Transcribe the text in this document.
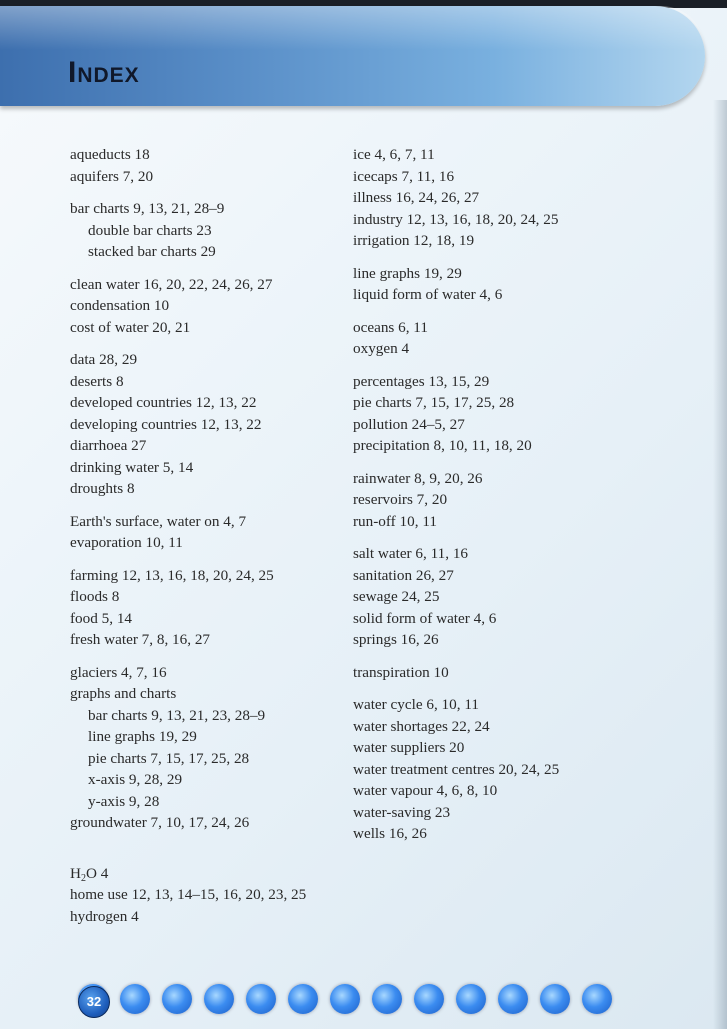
Index
aqueducts 18
aquifers 7, 20
bar charts 9, 13, 21, 28–9
double bar charts 23
stacked bar charts 29
clean water 16, 20, 22, 24, 26, 27
condensation 10
cost of water 20, 21
data 28, 29
deserts 8
developed countries 12, 13, 22
developing countries 12, 13, 22
diarrhoea 27
drinking water 5, 14
droughts 8
Earth's surface, water on 4, 7
evaporation 10, 11
farming 12, 13, 16, 18, 20, 24, 25
floods 8
food 5, 14
fresh water 7, 8, 16, 27
glaciers 4, 7, 16
graphs and charts
bar charts 9, 13, 21, 23, 28–9
line graphs 19, 29
pie charts 7, 15, 17, 25, 28
x-axis 9, 28, 29
y-axis 9, 28
groundwater 7, 10, 17, 24, 26
$H_2O$ 4
home use 12, 13, 14–15, 16, 20, 23, 25
hydrogen 4
ice 4, 6, 7, 11
icecaps 7, 11, 16
illness 16, 24, 26, 27
industry 12, 13, 16, 18, 20, 24, 25
irrigation 12, 18, 19
line graphs 19, 29
liquid form of water 4, 6
oceans 6, 11
oxygen 4
percentages 13, 15, 29
pie charts 7, 15, 17, 25, 28
pollution 24–5, 27
precipitation 8, 10, 11, 18, 20
rainwater 8, 9, 20, 26
reservoirs 7, 20
run-off 10, 11
salt water 6, 11, 16
sanitation 26, 27
sewage 24, 25
solid form of water 4, 6
springs 16, 26
transpiration 10
water cycle 6, 10, 11
water shortages 22, 24
water suppliers 20
water treatment centres 20, 24, 25
water vapour 4, 6, 8, 10
water-saving 23
wells 16, 26
32
